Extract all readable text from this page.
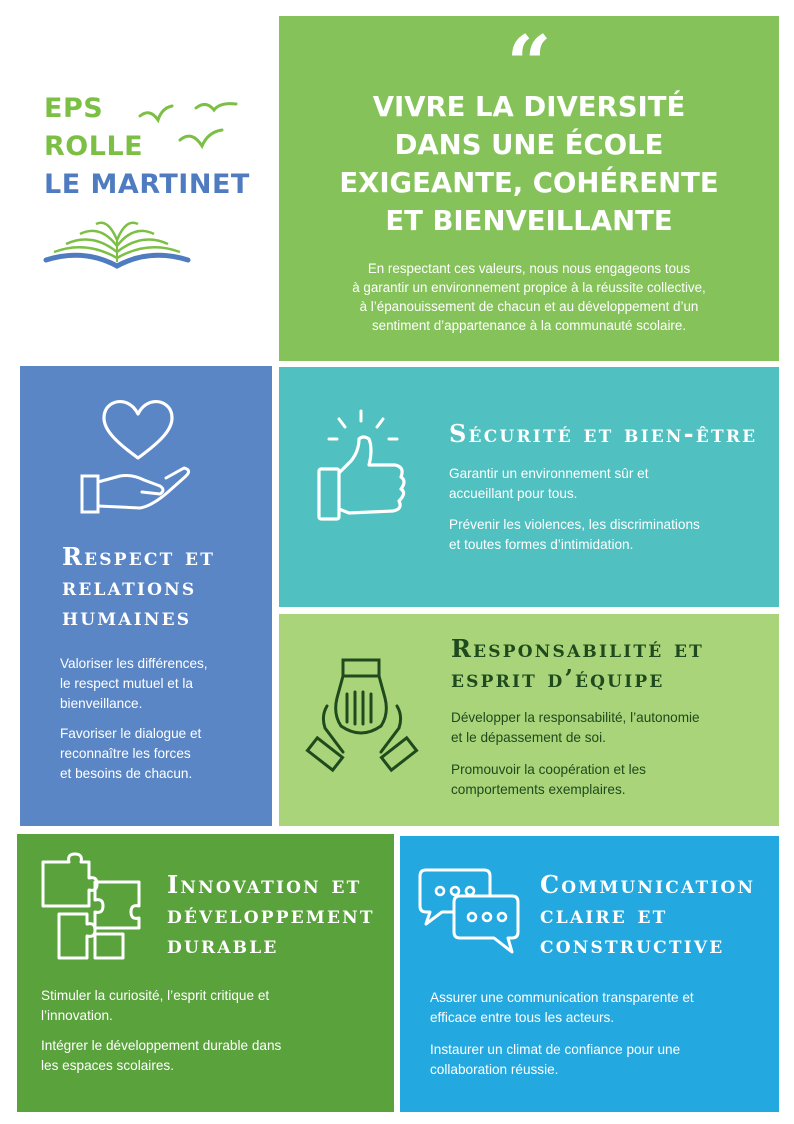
EPS
ROLLE
LE MARTINET
“
VIVRE LA DIVERSITÉ
DANS UNE ÉCOLE
EXIGEANTE, COHÉRENTE
ET BIENVEILLANTE

En respectant ces valeurs, nous nous engageons tous
à garantir un environnement propice à la réussite collective,
à l’épanouissement de chacun et au développement d’un
sentiment d’appartenance à la communauté scolaire.

Respect et
relations
humaines

Valoriser les différences,
le respect mutuel et la
bienveillance.

Favoriser le dialogue et
reconnaître les forces
et besoins de chacun.

Sécurité et bien-être

Garantir un environnement sûr et
accueillant pour tous.

Prévenir les violences, les discriminations
et toutes formes d’intimidation.

Responsabilité et
esprit d’équipe

Développer la responsabilité, l’autonomie
et le dépassement de soi.

Promouvoir la coopération et les
comportements exemplaires.

Innovation et
développement
durable

Stimuler la curiosité, l’esprit critique et
l’innovation.

Intégrer le développement durable dans
les espaces scolaires.

Communication
claire et
constructive

Assurer une communication transparente et
efficace entre tous les acteurs.

Instaurer un climat de confiance pour une
collaboration réussie.
